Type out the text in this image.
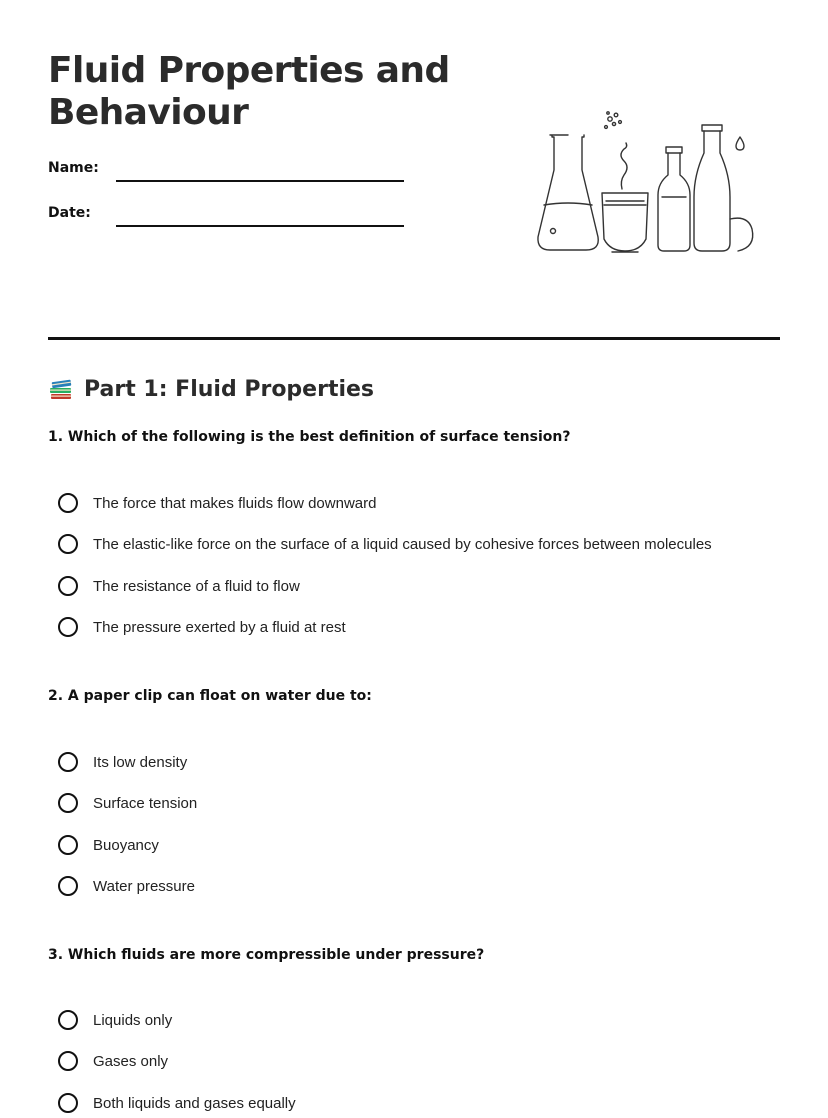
Fluid Properties and
Behaviour
Name:
Date:
Part 1: Fluid Properties

1. Which of the following is the best definition of surface tension?

The force that makes fluids flow downward
The elastic-like force on the surface of a liquid caused by cohesive forces between molecules
The resistance of a fluid to flow
The pressure exerted by a fluid at rest

2. A paper clip can float on water due to:

Its low density
Surface tension
Buoyancy
Water pressure

3. Which fluids are more compressible under pressure?

Liquids only
Gases only
Both liquids and gases equally
